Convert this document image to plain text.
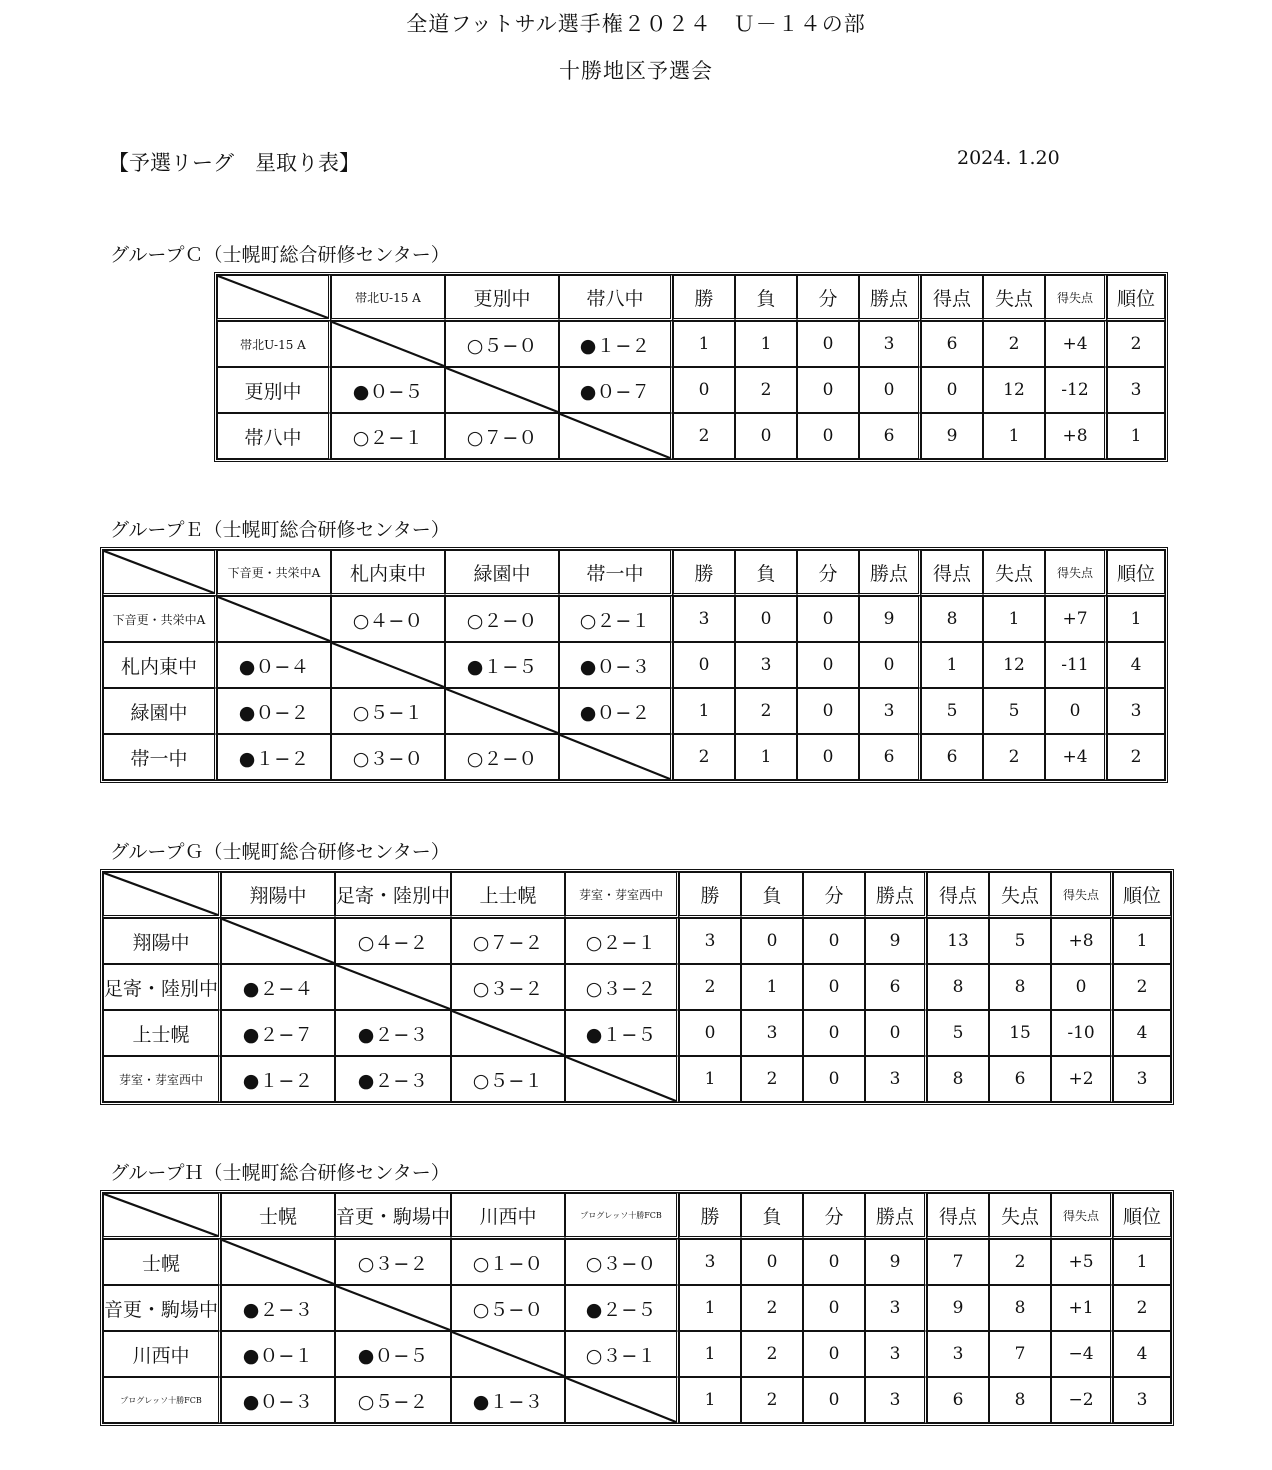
全道フットサル選手権２０２４　Ｕ－１４の部
十勝地区予選会
【予選リーグ　星取り表】	2024. 1.20
グループＣ（士幌町総合研修センター）
	帯北U-15 A	更別中	帯八中	勝	負	分	勝点	得点	失点	得失点	順位
帯北U-15 A		○５−０	●１−２	1	1	0	3	6	2	+4	2
更別中	●０−５		●０−７	0	2	0	0	0	12	-12	3
帯八中	○２−１	○７−０		2	0	0	6	9	1	+8	1
グループＥ（士幌町総合研修センター）
	下音更・共栄中A	札内東中	緑園中	帯一中	勝	負	分	勝点	得点	失点	得失点	順位
下音更・共栄中A		○４−０	○２−０	○２−１	3	0	0	9	8	1	+7	1
札内東中	●０−４		●１−５	●０−３	0	3	0	0	1	12	-11	4
緑園中	●０−２	○５−１		●０−２	1	2	0	3	5	5	0	3
帯一中	●１−２	○３−０	○２−０		2	1	0	6	6	2	+4	2
グループＧ（士幌町総合研修センター）
	翔陽中	足寄・陸別中	上士幌	芽室・芽室西中	勝	負	分	勝点	得点	失点	得失点	順位
翔陽中		○４−２	○７−２	○２−１	3	0	0	9	13	5	+8	1
足寄・陸別中	●２−４		○３−２	○３−２	2	1	0	6	8	8	0	2
上士幌	●２−７	●２−３		●１−５	0	3	0	0	5	15	-10	4
芽室・芽室西中	●１−２	●２−３	○５−１		1	2	0	3	8	6	+2	3
グループＨ（士幌町総合研修センター）
	士幌	音更・駒場中	川西中	プログレッソ十勝FCB	勝	負	分	勝点	得点	失点	得失点	順位
士幌		○３−２	○１−０	○３−０	3	0	0	9	7	2	+5	1
音更・駒場中	●２−３		○５−０	●２−５	1	2	0	3	9	8	+1	2
川西中	●０−１	●０−５		○３−１	1	2	0	3	3	7	−4	4
プログレッソ十勝FCB	●０−３	○５−２	●１−３		1	2	0	3	6	8	−2	3
